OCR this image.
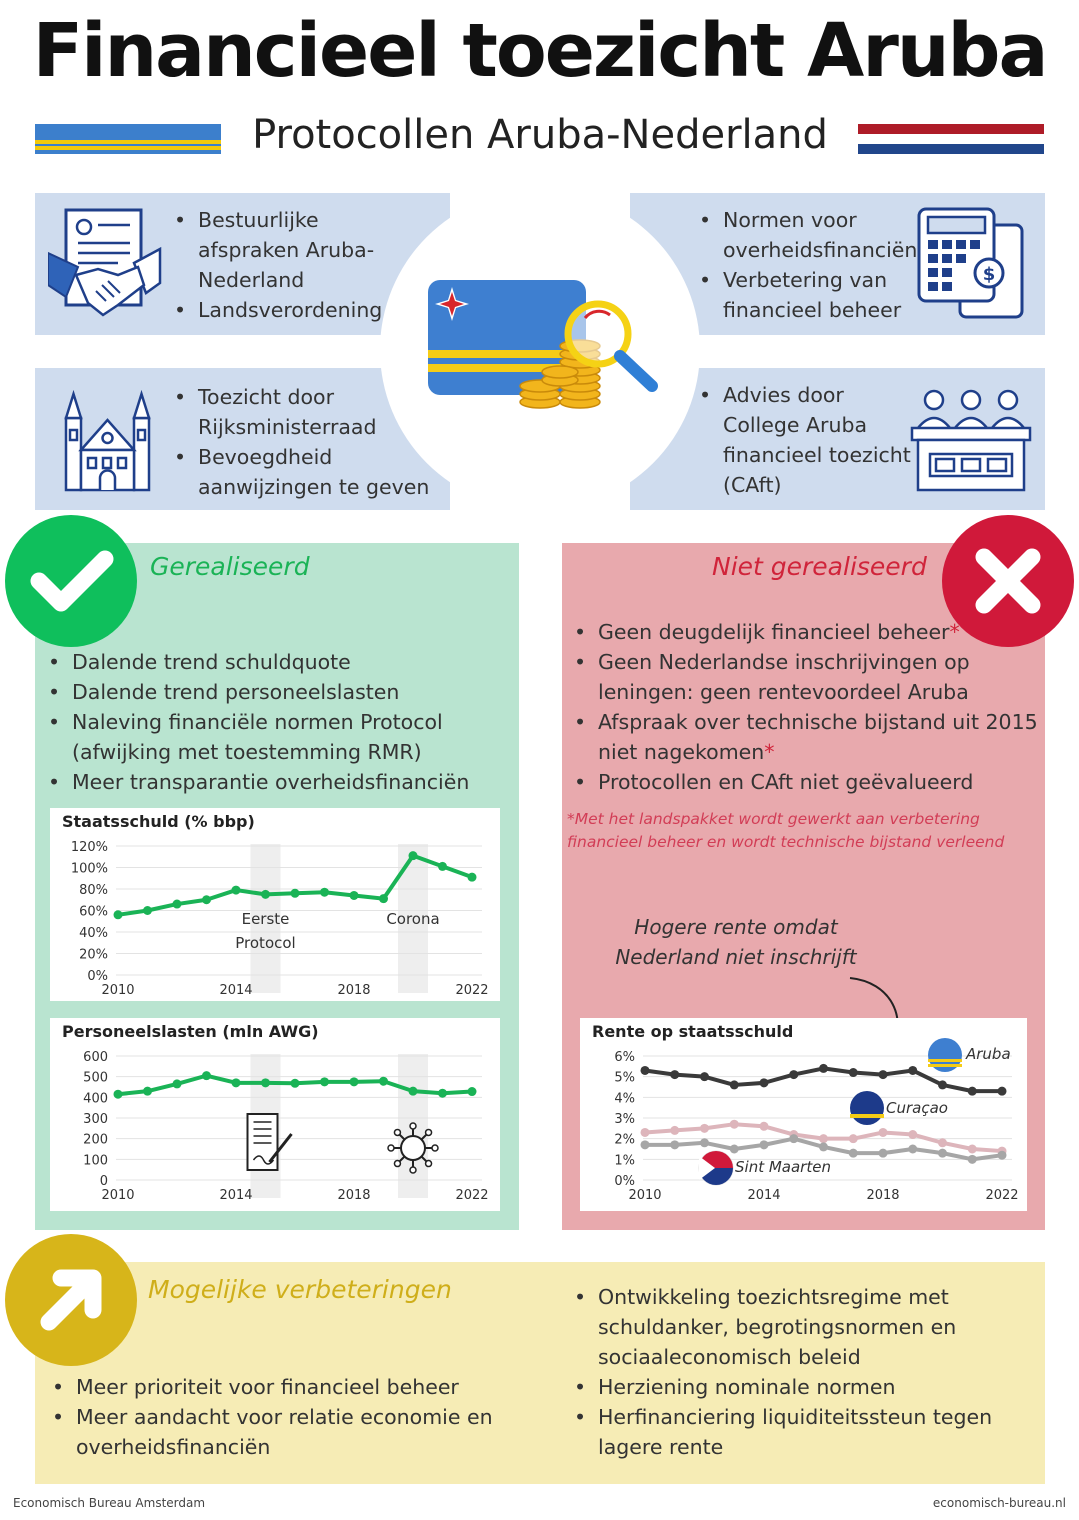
Financieel toezicht Aruba
Protocollen Aruba-Nederland
$
• Bestuurlijke afspraken Aruba-Nederland
• Landsverordening
• Normen voor overheidsfinanciën
• Verbetering van financieel beheer
• Toezicht door Rijksministerraad
• Bevoegdheid aanwijzingen te geven
• Advies door College Aruba financieel toezicht (CAft)
Gerealiseerd	Niet gerealiseerd
Mogelijke verbeteringen
• Dalende trend schuldquote
• Dalende trend personeelslasten
• Naleving financiële normen Protocol (afwijking met toestemming RMR)
• Meer transparantie overheidsfinanciën
• Geen deugdelijk financieel beheer*
• Geen Nederlandse inschrijvingen op leningen: geen rentevoordeel Aruba
• Afspraak over technische bijstand uit 2015 niet nagekomen*
• Protocollen en CAft niet geëvalueerd
*Met het landspakket wordt gewerkt aan verbetering financieel beheer en wordt technische bijstand verleend
Hogere rente omdat Nederland niet inschrijft
• Meer prioriteit voor financieel beheer
• Meer aandacht voor relatie economie en overheidsfinanciën
• Ontwikkeling toezichtsregime met schuldanker, begrotingsnormen en sociaaleconomisch beleid
• Herziening nominale normen
• Herfinanciering liquiditeitssteun tegen lagere rente
Staatsschuld (% bbp)
0%
20%
40%
60%
80%
100%
120%
2010	2014	2018	2022
Eerste
Protocol
Corona
Personeelslasten (mln AWG)
0
100
200
300
400
500
600
2010	2014	2018	2022
Rente op staatsschuld
0%
1%
2%
3%
4%
5%
6%
2010	2014	2018	2022
Aruba
Curaçao
Sint Maarten
Economisch Bureau Amsterdam	economisch-bureau.nl
